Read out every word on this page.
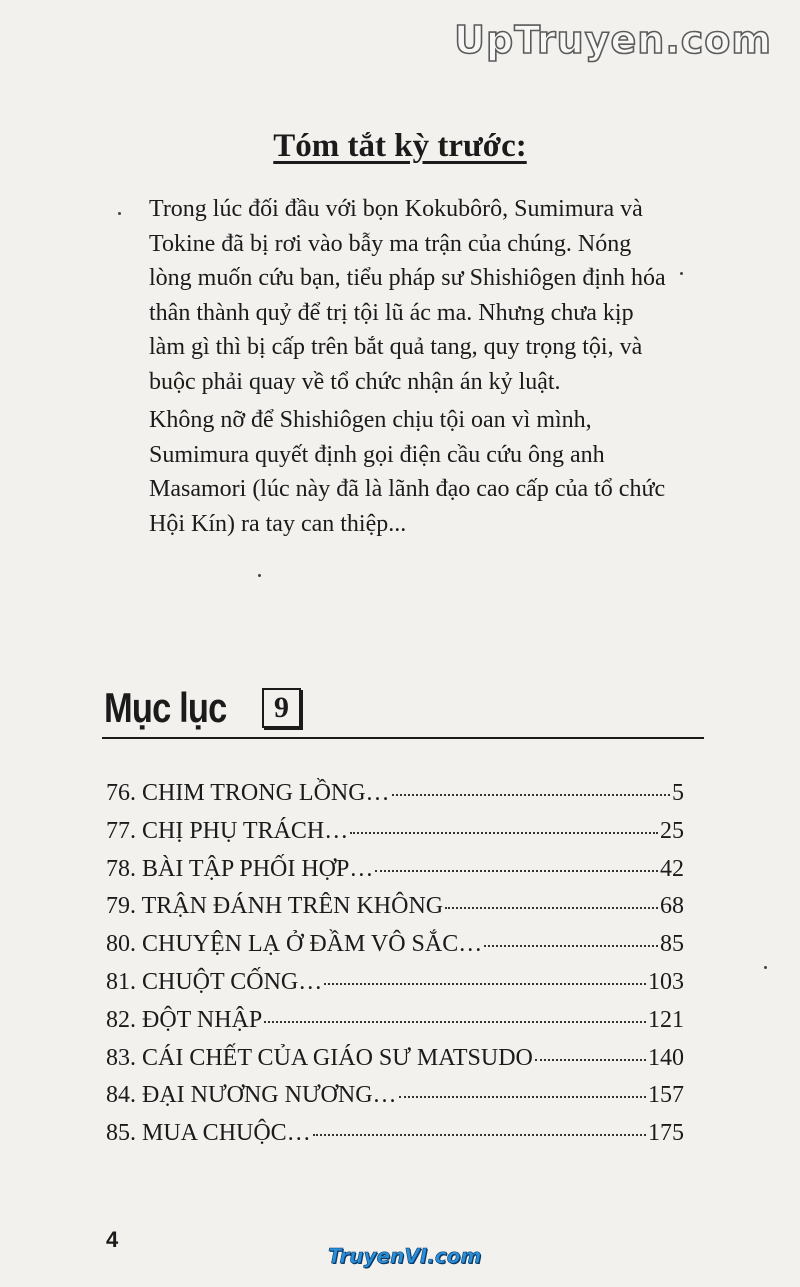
UpTruyen.com
Tóm tắt kỳ trước:

Trong lúc đối đầu với bọn Kokubôrô, Sumimura và Tokine đã bị rơi vào bẫy ma trận của chúng. Nóng lòng muốn cứu bạn, tiểu pháp sư Shishiôgen định hóa thân thành quỷ để trị tội lũ ác ma. Nhưng chưa kịp làm gì thì bị cấp trên bắt quả tang, quy trọng tội, và buộc phải quay về tổ chức nhận án kỷ luật.

Không nỡ để Shishiôgen chịu tội oan vì mình, Sumimura quyết định gọi điện cầu cứu ông anh Masamori (lúc này đã là lãnh đạo cao cấp của tổ chức Hội Kín) ra tay can thiệp...

Mục lục	9
76. CHIM TRONG LỒNG…	5
77. CHỊ PHỤ TRÁCH…	25
78. BÀI TẬP PHỐI HỢP…	42
79. TRẬN ĐÁNH TRÊN KHÔNG	68
80. CHUYỆN LẠ Ở ĐẦM VÔ SẮC…	85
81. CHUỘT CỐNG…	103
82. ĐỘT NHẬP	121
83. CÁI CHẾT CỦA GIÁO SƯ MATSUDO	140
84. ĐẠI NƯƠNG NƯƠNG…	157
85. MUA CHUỘC…	175
4
TruyenVI.com
